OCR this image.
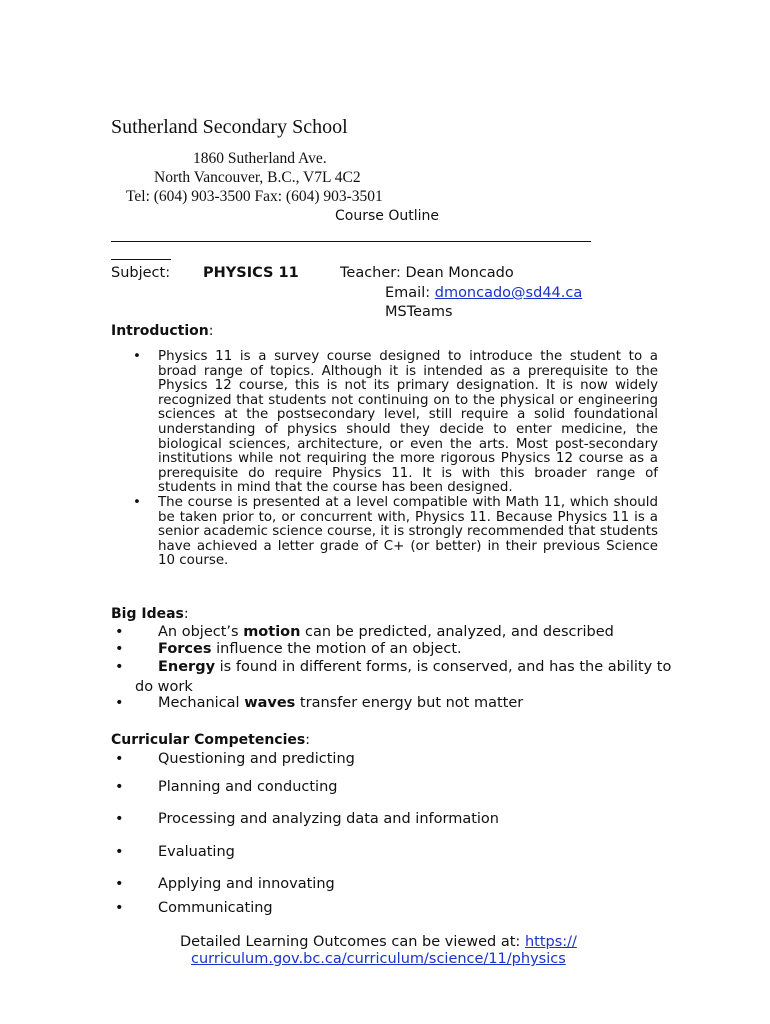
Sutherland Secondary School
1860 Sutherland Ave.
North Vancouver, B.C., V7L 4C2
Tel: (604) 903-3500 Fax: (604) 903-3501
Course Outline
Subject: PHYSICS 11	Teacher: Dean Moncado
Email: dmoncado@sd44.ca
MSTeams
Introduction:
• Physics 11 is a survey course designed to introduce the student to a broad range of topics. Although it is intended as a prerequisite to the Physics 12 course, this is not its primary designation. It is now widely recognized that students not continuing on to the physical or engineering sciences at the postsecondary level, still require a solid foundational understanding of physics should they decide to enter medicine, the biological sciences, architecture, or even the arts. Most post-secondary institutions while not requiring the more rigorous Physics 12 course as a prerequisite do require Physics 11. It is with this broader range of students in mind that the course has been designed.
• The course is presented at a level compatible with Math 11, which should be taken prior to, or concurrent with, Physics 11. Because Physics 11 is a senior academic science course, it is strongly recommended that students have achieved a letter grade of C+ (or better) in their previous Science 10 course.
Big Ideas:
• An object’s motion can be predicted, analyzed, and described
• Forces influence the motion of an object.
• Energy is found in different forms, is conserved, and has the ability to
do work
• Mechanical waves transfer energy but not matter
Curricular Competencies:
• Questioning and predicting
• Planning and conducting
• Processing and analyzing data and information
• Evaluating
• Applying and innovating
• Communicating
Detailed Learning Outcomes can be viewed at: https://
curriculum.gov.bc.ca/curriculum/science/11/physics
